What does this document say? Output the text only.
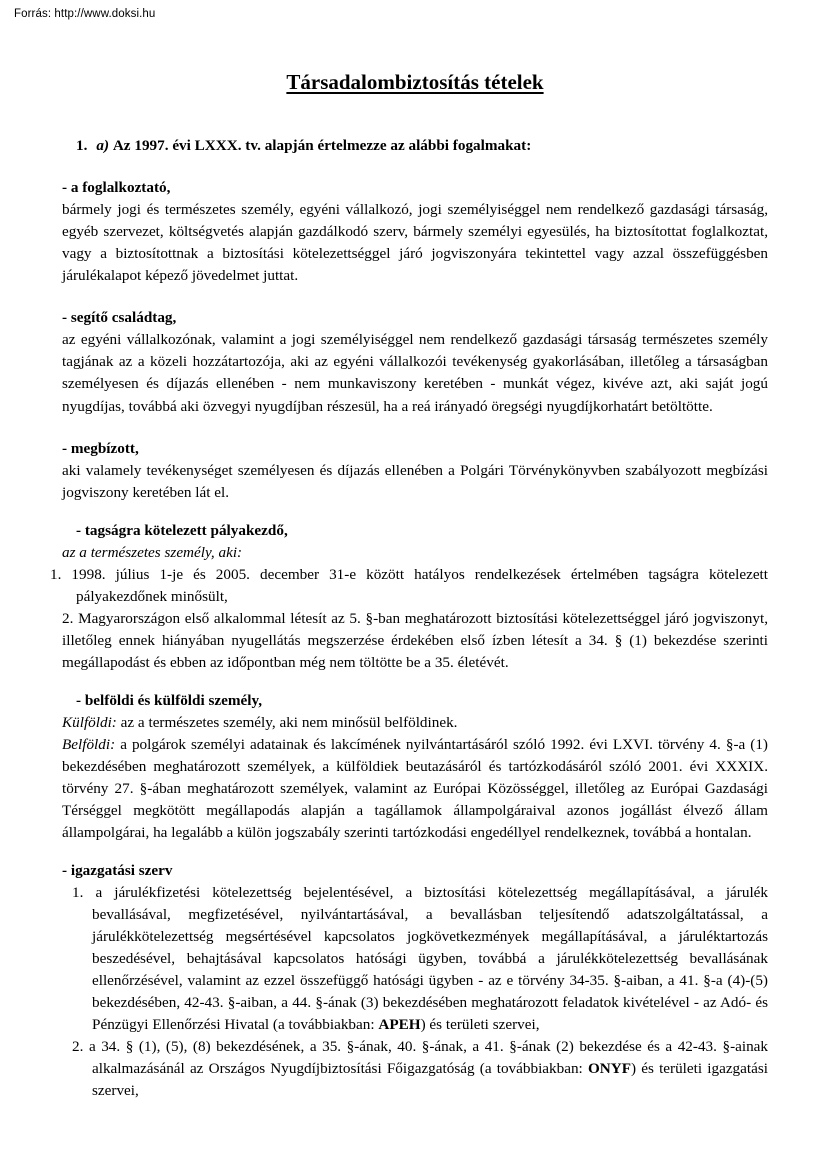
Forrás: http://www.doksi.hu
Társadalombiztosítás tételek

1. a) Az 1997. évi LXXX. tv. alapján értelmezze az alábbi fogalmakat:

- a foglalkoztató,

bármely jogi és természetes személy, egyéni vállalkozó, jogi személyiséggel nem rendelkező gazdasági társaság, egyéb szervezet, költségvetés alapján gazdálkodó szerv, bármely személyi egyesülés, ha biztosítottat foglalkoztat, vagy a biztosítottnak a biztosítási kötelezettséggel járó jogviszonyára tekintettel vagy azzal összefüggésben járulékalapot képező jövedelmet juttat.

- segítő családtag,

az egyéni vállalkozónak, valamint a jogi személyiséggel nem rendelkező gazdasági társaság természetes személy tagjának az a közeli hozzátartozója, aki az egyéni vállalkozói tevékenység gyakorlásában, illetőleg a társaságban személyesen és díjazás ellenében - nem munkaviszony keretében - munkát végez, kivéve azt, aki saját jogú nyugdíjas, továbbá aki özvegyi nyugdíjban részesül, ha a reá irányadó öregségi nyugdíjkorhatárt betöltötte.

- megbízott,

aki valamely tevékenységet személyesen és díjazás ellenében a Polgári Törvénykönyvben szabályozott megbízási jogviszony keretében lát el.

- tagságra kötelezett pályakezdő,

az a természetes személy, aki:

1. 1998. július 1-je és 2005. december 31-e között hatályos rendelkezések értelmében tagságra kötelezett pályakezdőnek minősült,

2. Magyarországon első alkalommal létesít az 5. §-ban meghatározott biztosítási kötelezettséggel járó jogviszonyt, illetőleg ennek hiányában nyugellátás megszerzése érdekében első ízben létesít a 34. § (1) bekezdése szerinti megállapodást és ebben az időpontban még nem töltötte be a 35. életévét.

- belföldi és külföldi személy,

Külföldi: az a természetes személy, aki nem minősül belföldinek.

Belföldi: a polgárok személyi adatainak és lakcímének nyilvántartásáról szóló 1992. évi LXVI. törvény 4. §-a (1) bekezdésében meghatározott személyek, a külföldiek beutazásáról és tartózkodásáról szóló 2001. évi XXXIX. törvény 27. §-ában meghatározott személyek, valamint az Európai Közösséggel, illetőleg az Európai Gazdasági Térséggel megkötött megállapodás alapján a tagállamok állampolgáraival azonos jogállást élvező állam állampolgárai, ha legalább a külön jogszabály szerinti tartózkodási engedéllyel rendelkeznek, továbbá a hontalan.

- igazgatási szerv

1. a járulékfizetési kötelezettség bejelentésével, a biztosítási kötelezettség megállapításával, a járulék bevallásával, megfizetésével, nyilvántartásával, a bevallásban teljesítendő adatszolgáltatással, a járulékkötelezettség megsértésével kapcsolatos jogkövetkezmények megállapításával, a járuléktartozás beszedésével, behajtásával kapcsolatos hatósági ügyben, továbbá a járulékkötelezettség bevallásának ellenőrzésével, valamint az ezzel összefüggő hatósági ügyben - az e törvény 34-35. §-aiban, a 41. §-a (4)-(5) bekezdésében, 42-43. §-aiban, a 44. §-ának (3) bekezdésében meghatározott feladatok kivételével - az Adó- és Pénzügyi Ellenőrzési Hivatal (a továbbiakban: APEH) és területi szervei,

2. a 34. § (1), (5), (8) bekezdésének, a 35. §-ának, 40. §-ának, a 41. §-ának (2) bekezdése és a 42-43. §-ainak alkalmazásánál az Országos Nyugdíjbiztosítási Főigazgatóság (a továbbiakban: ONYF) és területi igazgatási szervei,
